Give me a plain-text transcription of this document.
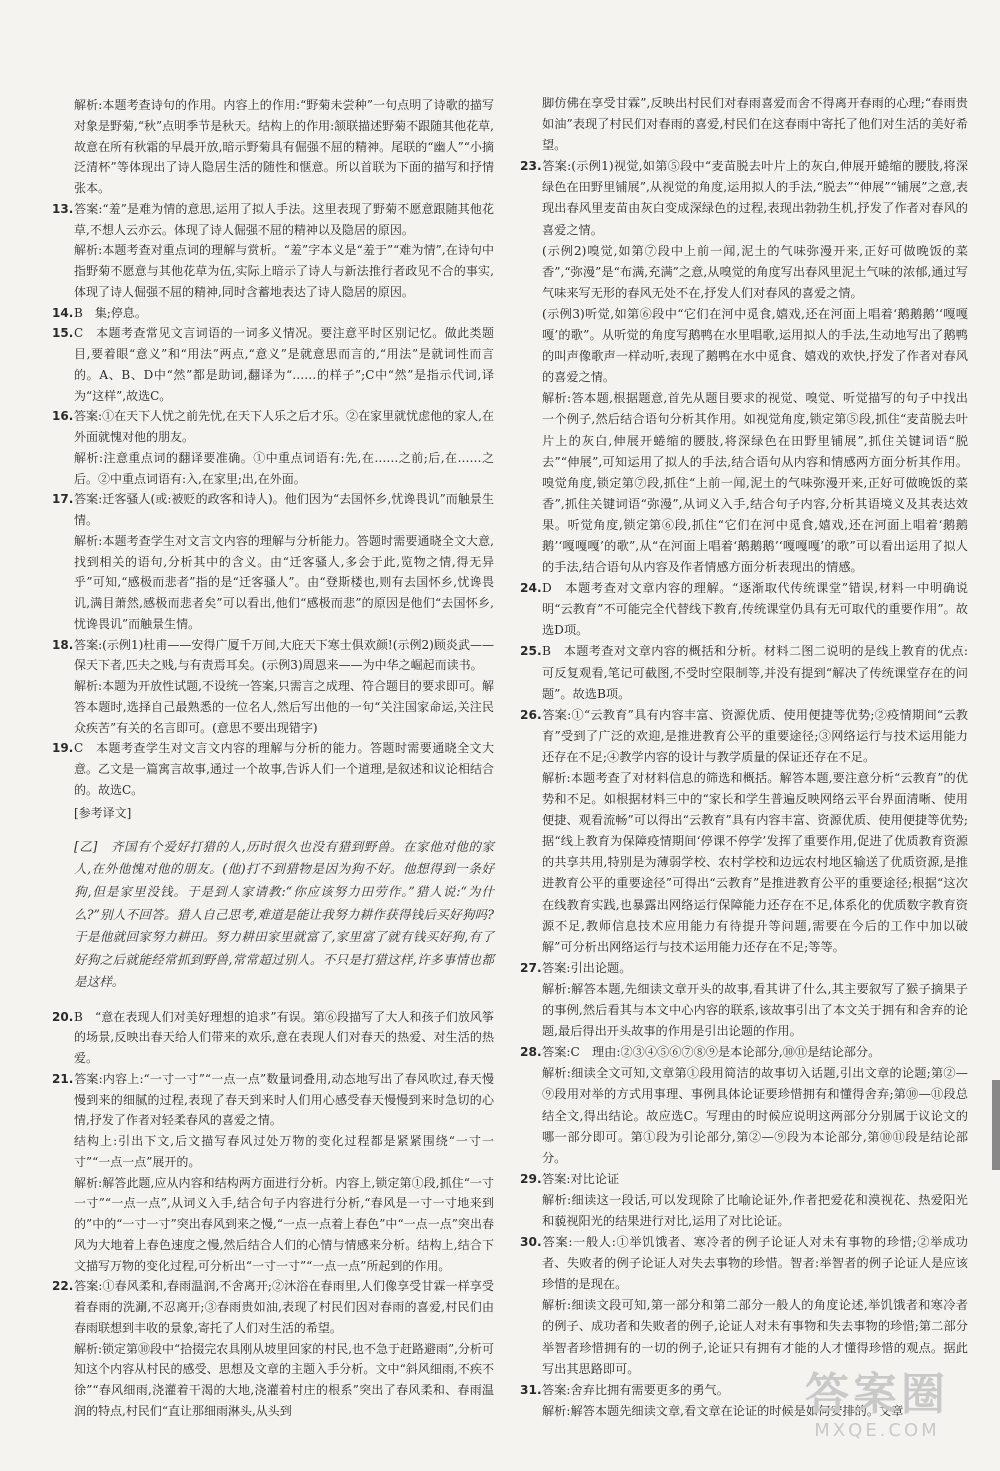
解析:本题考查诗句的作用。内容上的作用:“野菊未尝种”一句点明了诗歌的描写对象是野菊,“秋”点明季节是秋天。结构上的作用:颔联描述野菊不跟随其他花草,故意在所有秋霜的早晨开放,暗示野菊具有倔强不屈的精神。尾联的“幽人”“小摘泛清杯”等体现出了诗人隐居生活的随性和惬意。所以首联为下面的描写和抒情张本。

13.答案:“羞”是难为情的意思,运用了拟人手法。这里表现了野菊不愿意跟随其他花草,不想人云亦云。体现了诗人倔强不屈的精神以及隐居的原因。

解析:本题考查对重点词的理解与赏析。“羞”字本义是“羞于”“难为情”,在诗句中指野菊不愿意与其他花草为伍,实际上暗示了诗人与新法推行者政见不合的事实,体现了诗人倔强不屈的精神,同时含蓄地表达了诗人隐居的原因。

14.B　集;停息。

15.C　本题考查常见文言词语的一词多义情况。要注意平时区别记忆。做此类题目,要着眼“意义”和“用法”两点,“意义”是就意思而言的,“用法”是就词性而言的。A、B、D中“然”都是助词,翻译为“……的样子”;C中“然”是指示代词,译为“这样”,故选C。

16.答案:①在天下人忧之前先忧,在天下人乐之后才乐。②在家里就忧虑他的家人,在外面就愧对他的朋友。

解析:注意重点词的翻译要准确。①中重点词语有:先,在……之前;后,在……之后。②中重点词语有:入,在家里;出,在外面。

17.答案:迁客骚人(或:被贬的政客和诗人)。他们因为“去国怀乡,忧谗畏讥”而触景生情。

解析:本题考查学生对文言文内容的理解与分析能力。答题时需要通晓全文大意,找到相关的语句,分析其中的含义。由“迁客骚人,多会于此,览物之情,得无异乎”可知,“感极而悲者”指的是“迁客骚人”。由“登斯楼也,则有去国怀乡,忧谗畏讥,满目萧然,感极而悲者矣”可以看出,他们“感极而悲”的原因是他们“去国怀乡,忧谗畏讥”而触景生情。

18.答案:(示例1)杜甫——安得广厦千万间,大庇天下寒士俱欢颜!(示例2)顾炎武——保天下者,匹夫之贱,与有责焉耳矣。(示例3)周恩来——为中华之崛起而读书。

解析:本题为开放性试题,不设统一答案,只需言之成理、符合题目的要求即可。解答本题时,选择自己最熟悉的一位名人,然后写出他的一句“关注国家命运,关注民众疾苦”有关的名言即可。(意思不要出现错字)

19.C　本题考查学生对文言文内容的理解与分析的能力。答题时需要通晓全文大意。乙文是一篇寓言故事,通过一个故事,告诉人们一个道理,是叙述和议论相结合的。故选C。

[参考译文]

[乙]　齐国有个爱好打猎的人,历时很久也没有猎到野兽。在家他对他的家人,在外他愧对他的朋友。(他)打不到猎物是因为狗不好。他想得到一条好狗,但是家里没钱。于是到人家请教:“你应该努力田劳作。”猎人说:“为什么?”别人不回答。猎人自己思考,难道是能让我努力耕作获得钱后买好狗吗?于是他就回家努力耕田。努力耕田家里就富了,家里富了就有钱买好狗,有了好狗之后就能经常抓到野兽,常常超过别人。不只是打猎这样,许多事情也都是这样。

20.B　“意在表现人们对美好理想的追求”有误。第⑥段描写了大人和孩子们放风筝的场景,反映出春天给人们带来的欢乐,意在表现人们对春天的热爱、对生活的热爱。

21.答案:内容上:“一寸一寸”“一点一点”数量词叠用,动态地写出了春风吹过,春天慢慢到来的细腻的过程,表现了春天到来时人们用心感受春天慢慢到来时急切的心情,抒发了作者对轻柔春风的喜爱之情。

结构上:引出下文,后文描写春风过处万物的变化过程都是紧紧围绕“一寸一寸”“一点一点”展开的。

解析:解答此题,应从内容和结构两方面进行分析。内容上,锁定第①段,抓住“一寸一寸”“一点一点”,从词义入手,结合句子内容进行分析,“春风是一寸一寸地来到的”中的“一寸一寸”突出春风到来之慢,“一点一点着上春色”中“一点一点”突出春风为大地着上春色速度之慢,然后结合人们的心情与情感来分析。结构上,结合下文描写万物的变化过程,可分析出“一寸一寸”“一点一点”所起到的作用。

22.答案:①春风柔和,春雨温润,不舍离开;②沐浴在春雨里,人们像享受甘霖一样享受着春雨的洗涮,不忍离开;③春雨贵如油,表现了村民们因对春雨的喜爱,村民们由春雨联想到丰收的景象,寄托了人们对生活的希望。

解析:锁定第⑩段中“拾掇完农具刚从坡里回家的村民,也不急于赶路避雨”,分析可知这个内容从村民的感受、思想及文章的主题入手分析。文中“斜风细雨,不疾不徐”“春风细雨,浇灌着干渴的大地,浇灌着村庄的根系”突出了春风柔和、春雨温润的特点,村民们“直让那细雨淋头,从头到

脚仿佛在享受甘霖”,反映出村民们对春雨喜爱而舍不得离开春雨的心理;“春雨贵如油”表现了村民们对春雨的喜爱,村民们在这春雨中寄托了他们对生活的美好希望。

23.答案:(示例1)视觉,如第⑤段中“麦苗脱去叶片上的灰白,伸展开蜷缩的腰肢,将深绿色在田野里铺展”,从视觉的角度,运用拟人的手法,“脱去”“伸展”“铺展”之意,表现出春风里麦苗由灰白变成深绿色的过程,表现出勃勃生机,抒发了作者对春风的喜爱之情。

(示例2)嗅觉,如第⑦段中上前一闻,泥土的气味弥漫开来,正好可做晚饭的菜香”,“弥漫”是“布满,充满”之意,从嗅觉的角度写出春风里泥土气味的浓郁,通过写气味来写无形的春风无处不在,抒发人们对春风的喜爱之情。

(示例3)听觉,如第⑥段中“它们在河中觅食,嬉戏,还在河面上唱着‘鹅鹅鹅’‘嘎嘎嘎’的歌”。从听觉的角度写鹅鸭在水里唱歌,运用拟人的手法,生动地写出了鹅鸭的叫声像歌声一样动听,表现了鹅鸭在水中觅食、嬉戏的欢快,抒发了作者对春风的喜爱之情。

解析:答本题,根据题意,首先从题目要求的视觉、嗅觉、听觉描写的句子中找出一个例子,然后结合语句分析其作用。如视觉角度,锁定第⑤段,抓住“麦苗脱去叶片上的灰白,伸展开蜷缩的腰肢,将深绿色在田野里铺展”,抓住关键词语“脱去”“伸展”,可知运用了拟人的手法,结合语句从内容和情感两方面分析其作用。嗅觉角度,锁定第⑦段,抓住“上前一闻,泥土的气味弥漫开来,正好可做晚饭的菜香”,抓住关键词语“弥漫”,从词义入手,结合句子内容,分析其语境义及其表达效果。听觉角度,锁定第⑥段,抓住“它们在河中觅食,嬉戏,还在河面上唱着‘鹅鹅鹅’‘嘎嘎嘎’的歌”,从“在河面上唱着‘鹅鹅鹅’‘嘎嘎嘎’的歌”可以看出运用了拟人的手法,结合语句从内容及作者情感方面分析表现出的情感。

24.D　本题考查对文章内容的理解。“逐渐取代传统课堂”错误,材料一中明确说明“云教育”不可能完全代替线下教育,传统课堂仍具有无可取代的重要作用”。故选D项。

25.B　本题考查对文章内容的概括和分析。材料二图二说明的是线上教育的优点:可反复观看,笔记可截图,不受时空限制等,并没有提到“解决了传统课堂存在的问题”。故选B项。

26.答案:①“云教育”具有内容丰富、资源优质、使用便捷等优势;②疫情期间“云教育”受到了广泛的欢迎,是推进教育公平的重要途径;③网络运行与技术运用能力还存在不足;④教学内容的设计与教学质量的保证还存在不足。

解析:本题考查了对材料信息的筛选和概括。解答本题,要注意分析“云教育”的优势和不足。如根据材料三中的“家长和学生普遍反映网络云平台界面清晰、使用便捷、观看流畅”可以得出“云教育”具有内容丰富、资源优质、使用便捷等优势;据“线上教育为保障疫情期间‘停课不停学’发挥了重要作用,促进了优质教育资源的共享共用,特别是为薄弱学校、农村学校和边远农村地区输送了优质资源,是推进教育公平的重要途径”可得出“云教育”是推进教育公平的重要途径;根据“这次在线教育实践,也暴露出网络运行保障能力还存在不足,体系化的优质数字教育资源不足,教师信息技术应用能力有待提升等问题,需要在今后的工作中加以破解”可分析出网络运行与技术运用能力还存在不足;等等。

27.答案:引出论题。

解析:解答本题,先细读文章开头的故事,看其讲了什么,其主要叙写了猴子摘果子的事例,然后看其与本文中心内容的联系,该故事引出了本文关于拥有和舍弃的论题,最后得出开头故事的作用是引出论题的作用。

28.答案:C　理由:②③④⑤⑥⑦⑧⑨是本论部分,⑩⑪是结论部分。

解析:细读全文可知,文章第①段用简洁的故事切入话题,引出文章的论题;第②—⑨段用对举的方式用事理、事例具体论证要珍惜拥有和懂得舍弃;第⑩—⑪段总结全文,得出结论。故应选C。写理由的时候应说明这两部分分别属于议论文的哪一部分即可。第①段为引论部分,第②—⑨段为本论部分,第⑩⑪段是结论部分。

29.答案:对比论证

解析:细读这一段话,可以发现除了比喻论证外,作者把爱花和漠视花、热爱阳光和藐视阳光的结果进行对比,运用了对比论证。

30.答案:一般人:①举饥饿者、寒冷者的例子论证人对未有事物的珍惜;②举成功者、失败者的例子论证人对失去事物的珍惜。智者:举智者的例子论证人是应该珍惜的是现在。

解析:细读文段可知,第一部分和第二部分一般人的角度论述,举饥饿者和寒冷者的例子、成功者和失败者的例子,论证人对未有事物和失去事物的珍惜;第二部分举智者珍惜拥有的一切的例子,论证只有拥有才能的人才懂得珍惜的观点。据此写出其思路即可。

31.答案:舍弃比拥有需要更多的勇气。

解析:解答本题先细读文章,看文章在论证的时候是如何安排的。文章

答案圈
MXQE.COM
